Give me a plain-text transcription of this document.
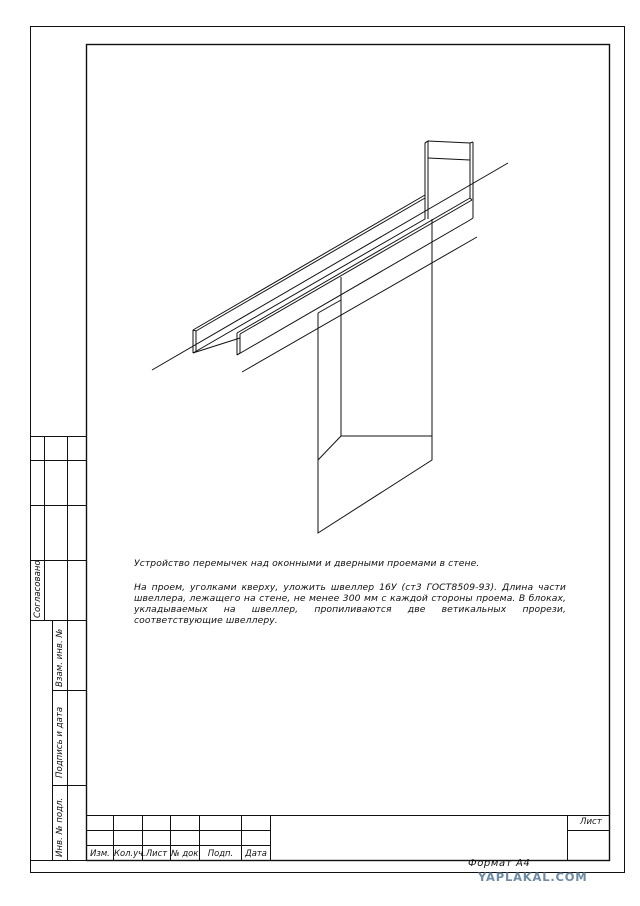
Устройство перемычек над оконными и дверными проемами в стене.
На проем, уголками кверху, уложить швеллер 16У (ст3 ГОСТ8509-93). Длина части швеллера, лежащего на стене, не менее 300 мм с каждой стороны проема. В блоках, укладываемых на швеллер, пропиливаются две ветикальных прорези, соответствующие швеллеру.
Согласовано
Взам. инв. №
Подпись и дата
Инв. № подл.	Изм. Кол.уч. Лист № док. Подп.	Дата
Лист
Формат А4
YAPLAKAL.COM
